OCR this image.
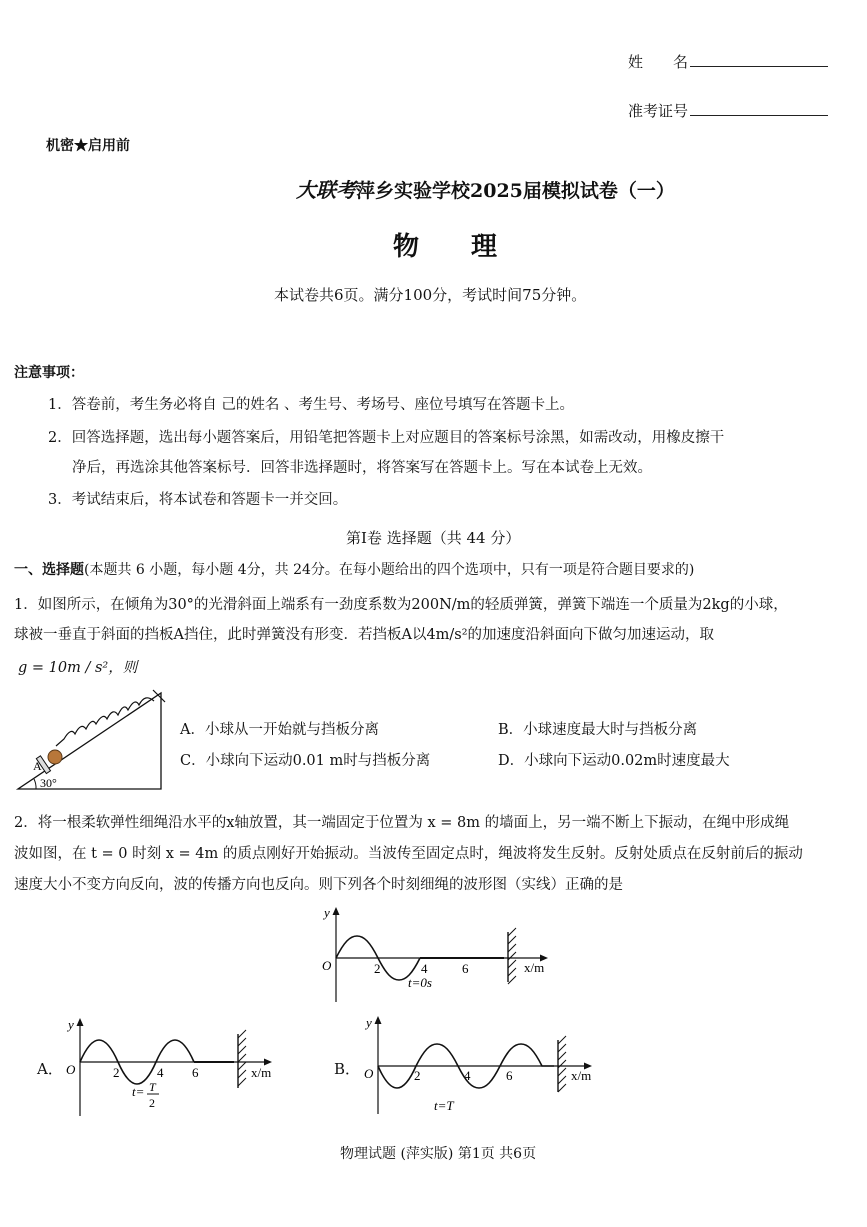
姓　　名
准考证号
机密★启用前
大联考萍乡实验学校2025届模拟试卷（一）
物　　理
本试卷共6页。满分100分，考试时间75分钟。
注意事项：
1．答卷前，考生务必将自 己的姓名 、考生号、考场号、座位号填写在答题卡上。
2．回答选择题，选出每小题答案后，用铅笔把答题卡上对应题目的答案标号涂黑，如需改动，用橡皮擦干
净后，再选涂其他答案标号．回答非选择题时，将答案写在答题卡上。写在本试卷上无效。
3．考试结束后，将本试卷和答题卡一并交回。
第Ⅰ卷 选择题（共 44 分）
一、选择题(本题共 6 小题，每小题 4分，共 24分。在每小题给出的四个选项中，只有一项是符合题目要求的)
1．如图所示，在倾角为30°的光滑斜面上端系有一劲度系数为200N/m的轻质弹簧，弹簧下端连一个质量为2kg的小球，
球被一垂直于斜面的挡板A挡住，此时弹簧没有形变．若挡板A以4m/s²的加速度沿斜面向下做匀加速运动，取
g = 10m / s²，则
A
30°
A．小球从一开始就与挡板分离	B．小球速度最大时与挡板分离
C．小球向下运动0.01 m时与挡板分离	D．小球向下运动0.02m时速度最大
2．将一根柔软弹性细绳沿水平的x轴放置，其一端固定于位置为 x = 8m 的墙面上，另一端不断上下振动，在绳中形成绳
波如图，在 t = 0 时刻 x = 4m 的质点刚好开始振动。当波传至固定点时，绳波将发生反射。反射处质点在反射前后的振动
速度大小不变方向反向，波的传播方向也反向。则下列各个时刻细绳的波形图（实线）正确的是
y
O	x/m
2	4	6
t=0s
A．
y
O	x/m
2	4 6
t= T
2
B．
y
O	x/m
2	4	6
t=T
物理试题 (萍实版) 第1页 共6页
